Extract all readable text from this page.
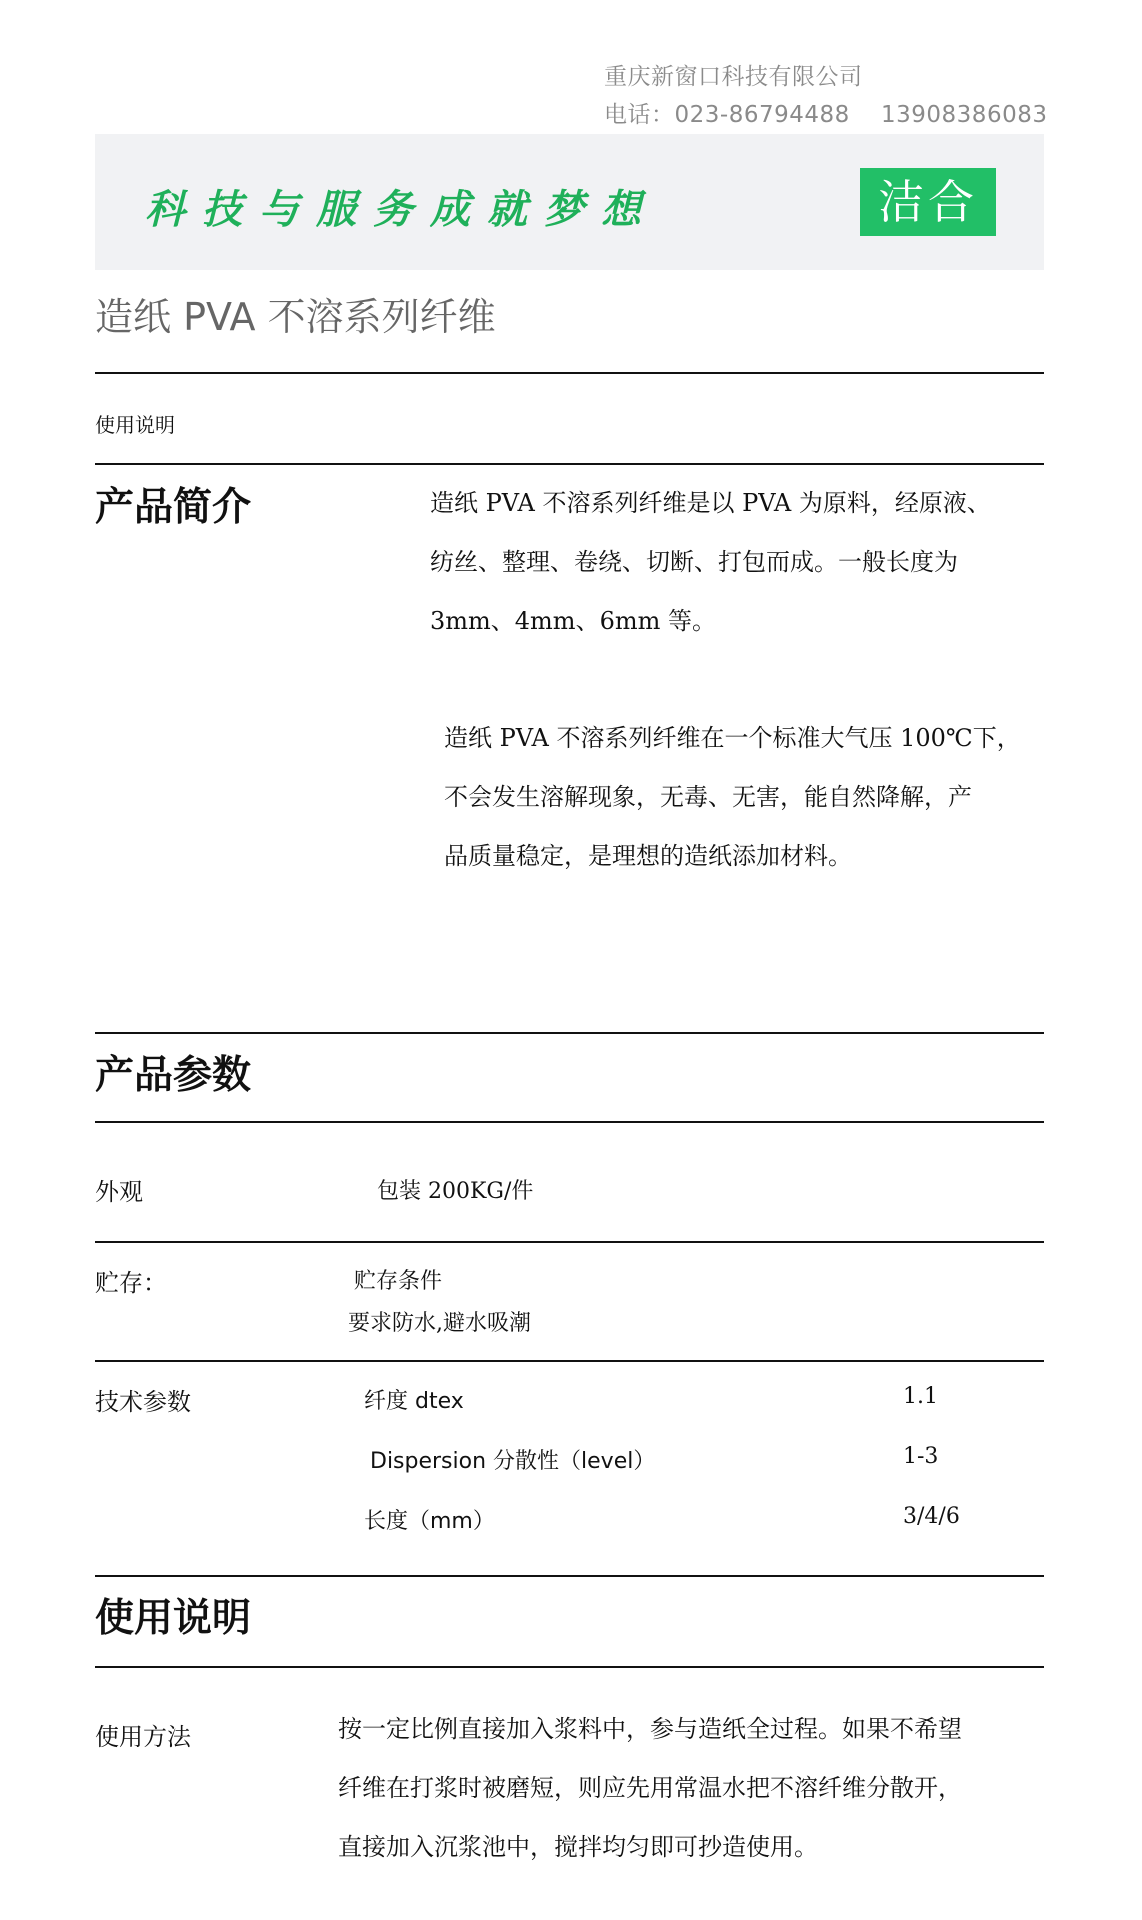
重庆新窗口科技有限公司
电话：023-86794488    13908386083
科技与服务成就梦想	洁合
造纸 PVA 不溶系列纤维
使用说明
产品简介	造纸 PVA 不溶系列纤维是以 PVA 为原料，经原液、
纺丝、整理、卷绕、切断、打包而成。一般长度为
3mm、4mm、6mm 等。
造纸 PVA 不溶系列纤维在一个标准大气压 100℃下，
不会发生溶解现象，无毒、无害，能自然降解，产
品质量稳定，是理想的造纸添加材料。
产品参数
外观	包装 200KG/件
贮存：	贮存条件
要求防水,避水吸潮
技术参数	纤度 dtex	1.1
Dispersion 分散性（level）	1-3
长度（mm）	3/4/6
使用说明
使用方法	按一定比例直接加入浆料中，参与造纸全过程。如果不希望
纤维在打浆时被磨短，则应先用常温水把不溶纤维分散开，
直接加入沉浆池中，搅拌均匀即可抄造使用。
